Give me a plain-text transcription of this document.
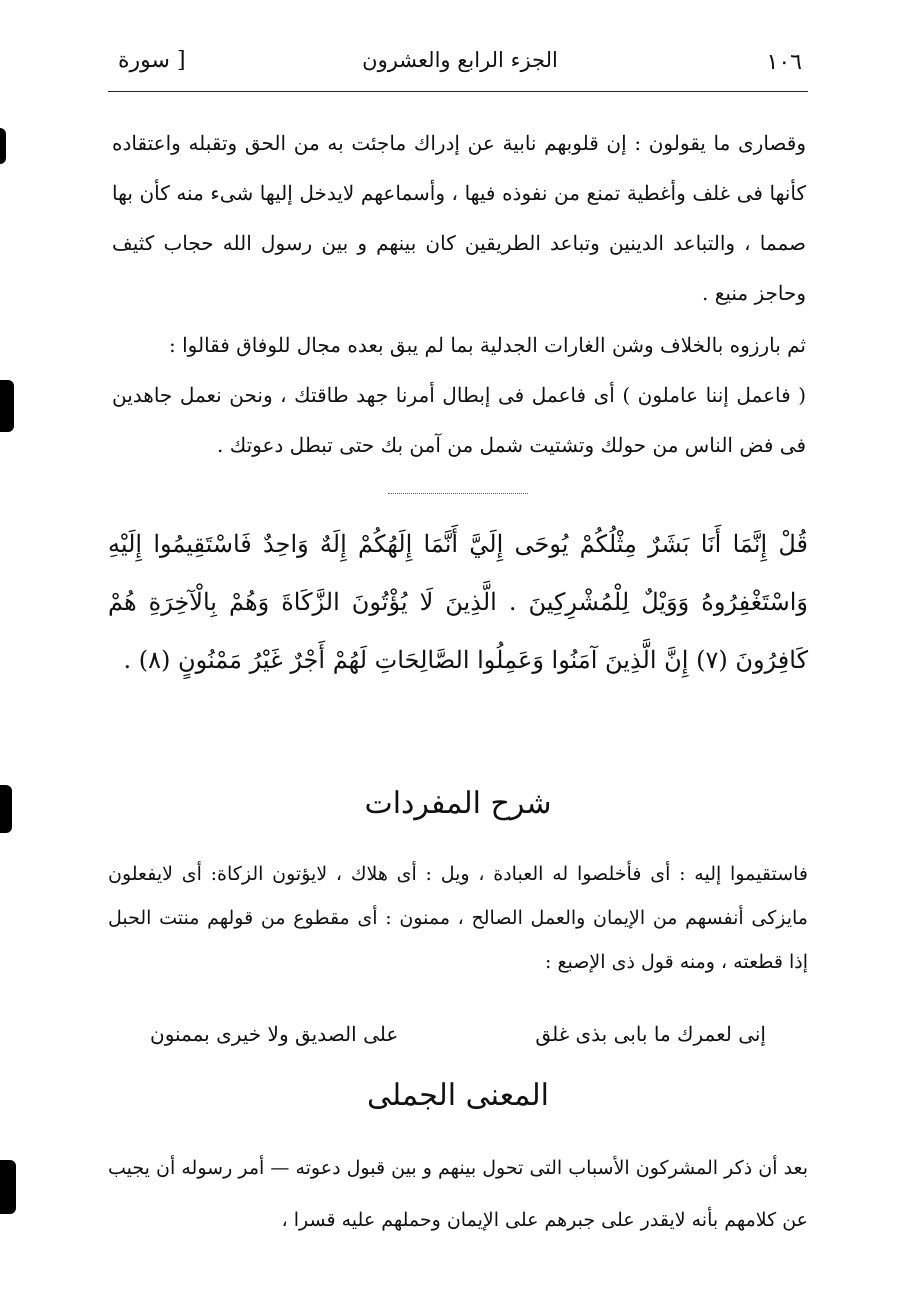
١٠٦
الجزء الرابع والعشرون
[ سورة
وقصارى ما يقولون : إن قلوبهم نابية عن إدراك ماجئت به من الحق وتقبله واعتقاده كأنها فى غلف وأغطية تمنع من نفوذه فيها ، وأسماعهم لايدخل إليها شىء منه كأن بها صمما ، والتباعد الدينين وتباعد الطريقين كان بينهم و بين رسول الله حجاب كثيف وحاجز منيع .
ثم بارزوه بالخلاف وشن الغارات الجدلية بما لم يبق بعده مجال للوفاق فقالوا :
( فاعمل إننا عاملون ) أى فاعمل فى إبطال أمرنا جهد طاقتك ، ونحن نعمل جاهدين فى فض الناس من حولك وتشتيت شمل من آمن بك حتى تبطل دعوتك .
قُلْ إِنَّمَا أَنَا بَشَرٌ مِثْلُكُمْ يُوحَى إِلَيَّ أَنَّمَا إِلَهُكُمْ إِلَهٌ وَاحِدٌ فَاسْتَقِيمُوا إِلَيْهِ وَاسْتَغْفِرُوهُ وَوَيْلٌ لِلْمُشْرِكِينَ . الَّذِينَ لَا يُؤْتُونَ الزَّكَاةَ وَهُمْ بِالْآخِرَةِ هُمْ كَافِرُونَ (٧) إِنَّ الَّذِينَ آمَنُوا وَعَمِلُوا الصَّالِحَاتِ لَهُمْ أَجْرٌ غَيْرُ مَمْنُونٍ (٨) .
شرح المفردات
فاستقيموا إليه : أى فأخلصوا له العبادة ، ويل : أى هلاك ، لايؤتون الزكاة: أى لايفعلون مايزكى أنفسهم من الإيمان والعمل الصالح ، ممنون : أى مقطوع من قولهم منتت الحبل إذا قطعته ، ومنه قول ذى الإصبع :
إنى لعمرك ما بابى بذى غلق
على الصديق ولا خيرى بممنون
المعنى الجملى
بعد أن ذكر المشركون الأسباب التى تحول بينهم و بين قبول دعوته — أمر رسوله أن يجيب عن كلامهم بأنه لايقدر على جبرهم على الإيمان وحملهم عليه قسرا ،
